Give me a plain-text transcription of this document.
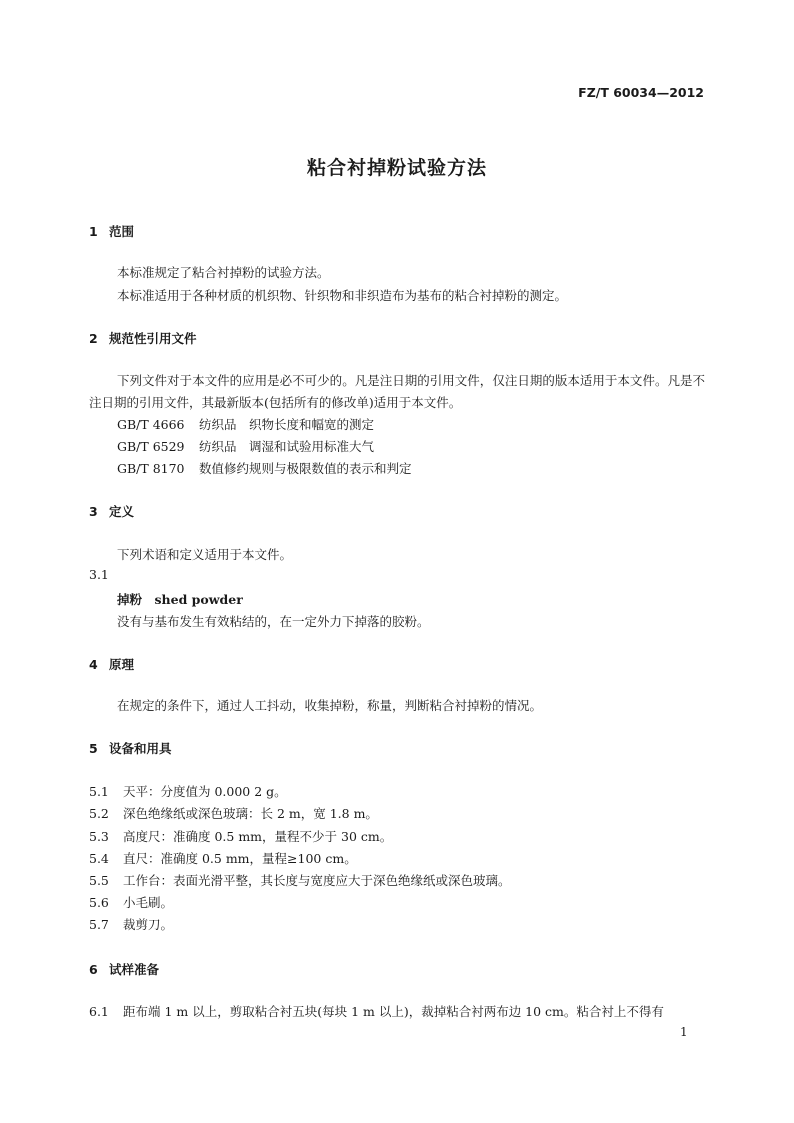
FZ/T 60034—2012
粘合衬掉粉试验方法
1 范围
本标准规定了粘合衬掉粉的试验方法。
本标准适用于各种材质的机织物、针织物和非织造布为基布的粘合衬掉粉的测定。
2 规范性引用文件
下列文件对于本文件的应用是必不可少的。凡是注日期的引用文件，仅注日期的版本适用于本文件。凡是不注日期的引用文件，其最新版本(包括所有的修改单)适用于本文件。
GB/T 4666 纺织品　织物长度和幅宽的测定
GB/T 6529 纺织品　调湿和试验用标准大气
GB/T 8170 数值修约规则与极限数值的表示和判定
3 定义
下列术语和定义适用于本文件。
3.1
掉粉　shed powder
没有与基布发生有效粘结的，在一定外力下掉落的胶粉。
4 原理
在规定的条件下，通过人工抖动，收集掉粉，称量，判断粘合衬掉粉的情况。
5 设备和用具
5.1 天平：分度值为 0.000 2 g。
5.2 深色绝缘纸或深色玻璃：长 2 m，宽 1.8 m。
5.3 高度尺：准确度 0.5 mm，量程不少于 30 cm。
5.4 直尺：准确度 0.5 mm，量程≥100 cm。
5.5 工作台：表面光滑平整，其长度与宽度应大于深色绝缘纸或深色玻璃。
5.6 小毛刷。
5.7 裁剪刀。
6 试样准备
6.1 距布端 1 m 以上，剪取粘合衬五块(每块 1 m 以上)，裁掉粘合衬两布边 10 cm。粘合衬上不得有
1
